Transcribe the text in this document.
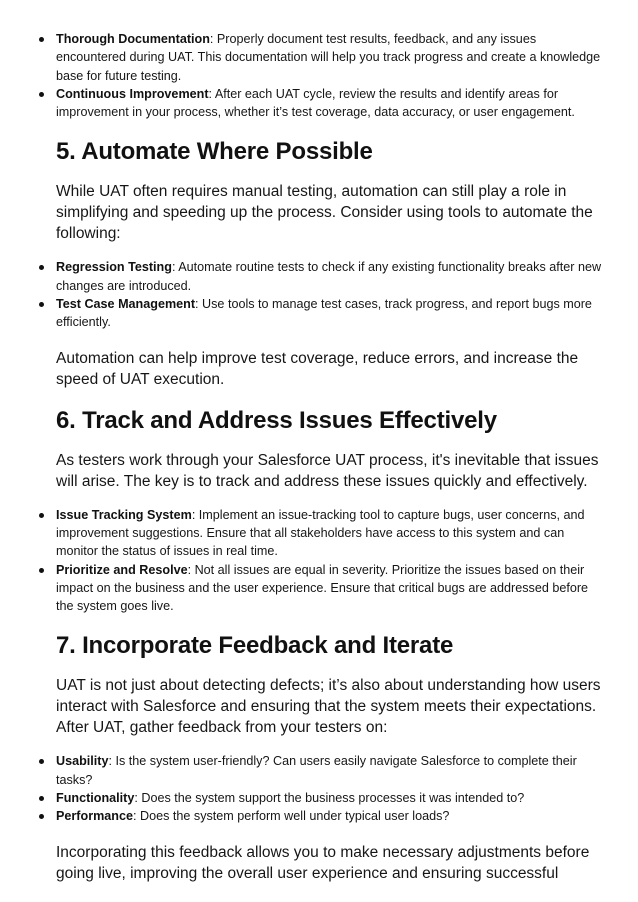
Thorough Documentation: Properly document test results, feedback, and any issues encountered during UAT. This documentation will help you track progress and create a knowledge base for future testing.
Continuous Improvement: After each UAT cycle, review the results and identify areas for improvement in your process, whether it’s test coverage, data accuracy, or user engagement.
5. Automate Where Possible

While UAT often requires manual testing, automation can still play a role in simplifying and speeding up the process. Consider using tools to automate the following:

Regression Testing: Automate routine tests to check if any existing functionality breaks after new changes are introduced.
Test Case Management: Use tools to manage test cases, track progress, and report bugs more efficiently.

Automation can help improve test coverage, reduce errors, and increase the speed of UAT execution.

6. Track and Address Issues Effectively

As testers work through your Salesforce UAT process, it's inevitable that issues will arise. The key is to track and address these issues quickly and effectively.

Issue Tracking System: Implement an issue-tracking tool to capture bugs, user concerns, and improvement suggestions. Ensure that all stakeholders have access to this system and can monitor the status of issues in real time.
Prioritize and Resolve: Not all issues are equal in severity. Prioritize the issues based on their impact on the business and the user experience. Ensure that critical bugs are addressed before the system goes live.
7. Incorporate Feedback and Iterate

UAT is not just about detecting defects; it’s also about understanding how users interact with Salesforce and ensuring that the system meets their expectations. After UAT, gather feedback from your testers on:

Usability: Is the system user-friendly? Can users easily navigate Salesforce to complete their tasks?
Functionality: Does the system support the business processes it was intended to?
Performance: Does the system perform well under typical user loads?

Incorporating this feedback allows you to make necessary adjustments before going live, improving the overall user experience and ensuring successful
